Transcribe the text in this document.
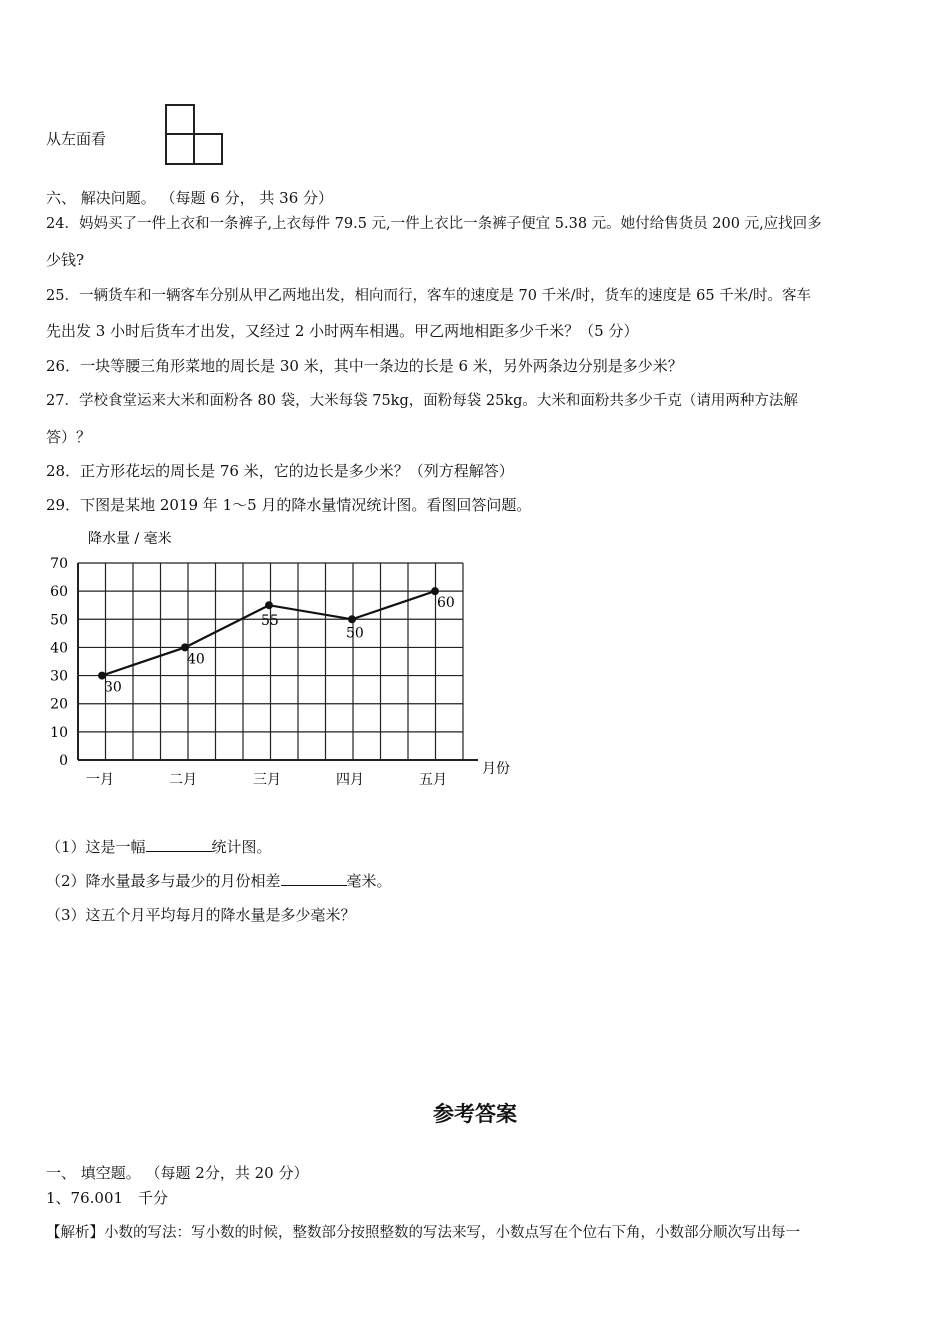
从左面看
六、 解决问题。 （每题 6 分， 共 36 分）
24．妈妈买了一件上衣和一条裤子,上衣每件 79.5 元,一件上衣比一条裤子便宜 5.38 元。她付给售货员 200 元,应找回多
少钱?
25．一辆货车和一辆客车分别从甲乙两地出发，相向而行，客车的速度是 70 千米/时，货车的速度是 65 千米/时。客车
先出发 3 小时后货车才出发，又经过 2 小时两车相遇。甲乙两地相距多少千米？（5 分）
26．一块等腰三角形菜地的周长是 30 米，其中一条边的长是 6 米，另外两条边分别是多少米？
27．学校食堂运来大米和面粉各 80 袋，大米每袋 75kg，面粉每袋 25kg。大米和面粉共多少千克（请用两种方法解
答）？
28．正方形花坛的周长是 76 米，它的边长是多少米？（列方程解答）
29．下图是某地 2019 年 1～5 月的降水量情况统计图。看图回答问题。
0
10
20
30
40
50
60
70
一月	二月	三月	四月	五月
降水量 / 毫米
月份
30
40
55
50
60
（1）这是一幅	统计图。
（2）降水量最多与最少的月份相差	毫米。
（3）这五个月平均每月的降水量是多少毫米？
参考答案
一、 填空题。 （每题 2分，共 20 分）
1、76.001　千分
【解析】小数的写法：写小数的时候，整数部分按照整数的写法来写，小数点写在个位右下角，小数部分顺次写出每一
